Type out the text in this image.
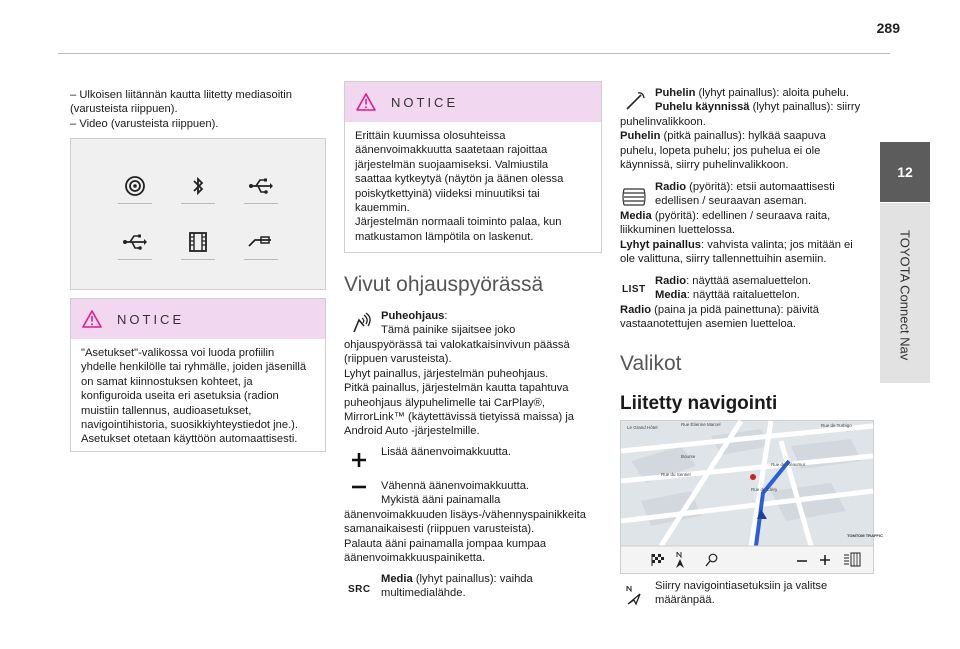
289
12
TOYOTA Connect Nav
– Ulkoisen liitännän kautta liitetty mediasoitin
(varusteista riippuen).
– Video (varusteista riippuen).
NOTICE
"Asetukset"-valikossa voi luoda profiilin
yhdelle henkilölle tai ryhmälle, joiden jäsenillä
on samat kiinnostuksen kohteet, ja
konfiguroida useita eri asetuksia (radion
muistiin tallennus, audioasetukset,
navigointihistoria, suosikkiyhteystiedot jne.).
Asetukset otetaan käyttöön automaattisesti.
NOTICE
Erittäin kuumissa olosuhteissa
äänenvoimakkuutta saatetaan rajoittaa
järjestelmän suojaamiseksi. Valmiustila
saattaa kytkeytyä (näytön ja äänen olessa
poiskytkettyinä) viideksi minuutiksi tai
kauemmin.
Järjestelmän normaali toiminto palaa, kun
matkustamon lämpötila on laskenut.
Vivut ohjauspyörässä
Puheohjaus:
Tämä painike sijaitsee joko
ohjauspyörässä tai valokatkaisinvivun päässä
(riippuen varusteista).
Lyhyt painallus, järjestelmän puheohjaus.
Pitkä painallus, järjestelmän kautta tapahtuva
puheohjaus älypuhelimelle tai CarPlay®,
MirrorLink™ (käytettävissä tietyissä maissa) ja
Android Auto -järjestelmille.
Lisää äänenvoimakkuutta.
Vähennä äänenvoimakkuutta.
Mykistä ääni painamalla
äänenvoimakkuuden lisäys-/vähennyspainikkeita
samanaikaisesti (riippuen varusteista).
Palauta ääni painamalla jompaa kumpaa
äänenvoimakkuuspainiketta.
SRC
Media (lyhyt painallus): vaihda
multimedialähde.
Puhelin (lyhyt painallus): aloita puhelu.
Puhelu käynnissä (lyhyt painallus): siirry
puhelinvalikkoon.
Puhelin (pitkä painallus): hylkää saapuva
puhelu, lopeta puhelu; jos puhelua ei ole
käynnissä, siirry puhelinvalikkoon.
Radio (pyöritä): etsii automaattisesti
edellisen / seuraavan aseman.
Media (pyöritä): edellinen / seuraava raita,
liikkuminen luettelossa.
Lyhyt painallus: vahvista valinta; jos mitään ei
ole valittuna, siirry tallennettuihin asemiin.
LIST
Radio: näyttää asemaluettelon.
Media: näyttää raitaluettelon.
Radio (paina ja pidä painettuna): päivitä
vastaanotettujen asemien luetteloa.
Valikot
Liitetty navigointi
Le Grand Hôtel
Rue Étienne Marcel	Rue de Turbigo
Rue de Réaumur
Bourse
Rue du Sentier
Rue de Cléry
TOMTOM TRAFFIC
Siirry navigointiasetuksiin ja valitse
määränpää.
